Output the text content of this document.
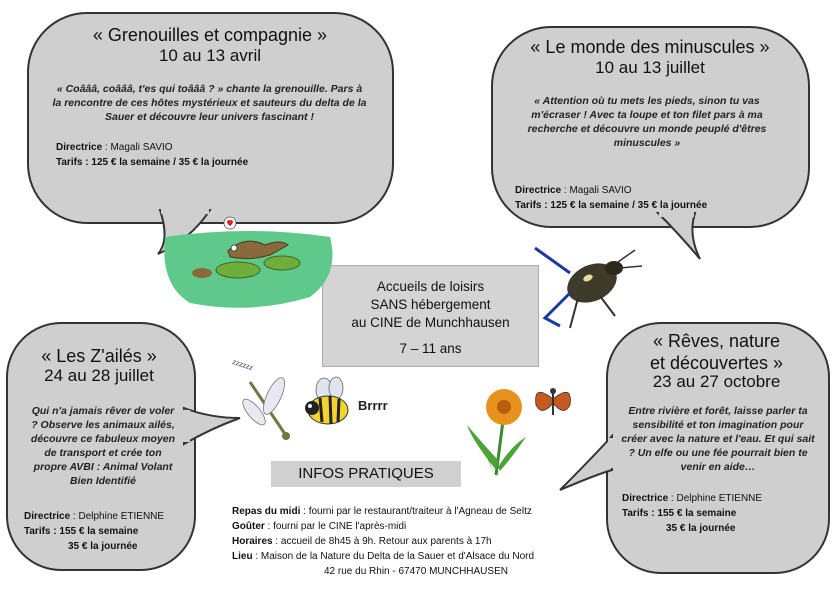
« Grenouilles et compagnie »
10 au 13 avril
« Coâââ, coâââ, t'es qui toâââ ? » chante la grenouille. Pars à la rencontre de ces hôtes mystérieux et sauteurs du delta de la Sauer et découvre leur univers fascinant !
Directrice : Magali SAVIO
Tarifs : 125 € la semaine / 35 € la journée
« Le monde des minuscules »
10 au 13 juillet
« Attention où tu mets les pieds, sinon tu vas m'écraser ! Avec ta loupe et ton filet pars à ma recherche et découvre un monde peuplé d'êtres minuscules »
Directrice : Magali SAVIO
Tarifs : 125 € la semaine / 35 € la journée
« Les Z'ailés »
24 au 28 juillet
Qui n'a jamais rêver de voler ? Observe les animaux ailés, découvre ce fabuleux moyen de transport et crée ton propre AVBI : Animal Volant Bien Identifié
Directrice : Delphine ETIENNE
Tarifs : 155 € la semaine
35 € la journée
« Rêves, nature
et découvertes »
23 au 27 octobre
Entre rivière et forêt, laisse parler ta sensibilité et ton imagination pour créer avec la nature et l'eau. Et qui sait ? Un elfe ou une fée pourrait bien te venir en aide…
Directrice : Delphine ETIENNE
Tarifs : 155 € la semaine
35 € la journée
Accueils de loisirs
SANS hébergement
au CINE de Munchhausen
7 – 11 ans
INFOS PRATIQUES
Repas du midi : fourni par le restaurant/traiteur à l'Agneau de Seltz
Goûter : fourni par le CINE l'après-midi
Horaires : accueil de 8h45 à 9h. Retour aux parents à 17h
Lieu : Maison de la Nature du Delta de la Sauer et d'Alsace du Nord
42 rue du Rhin - 67470 MUNCHHAUSEN
zzzzzz
Brrrr
